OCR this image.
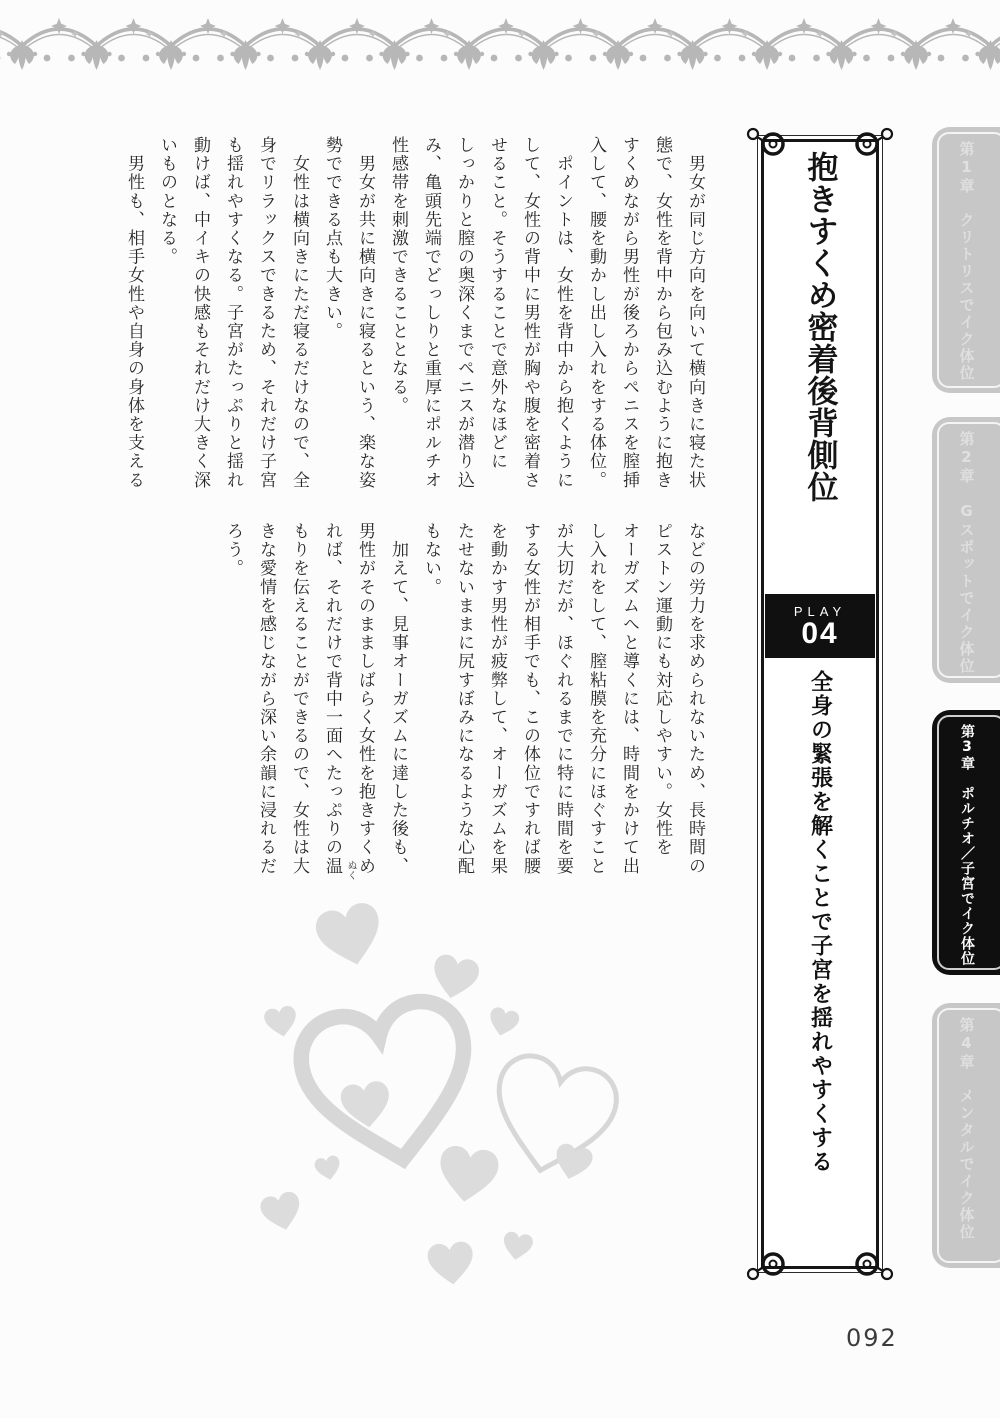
抱きすくめ密着後背側位
PLAY
04
全身の緊張を解くことで子宮を揺れやすくする
第1章　クリトリスでイク体位
第2章　Gスポットでイク体位
第3章　ポルチオ／子宮でイク体位
第4章　メンタルでイク体位
　男女が同じ方向を向いて横向きに寝た状
態で、女性を背中から包み込むように抱き
すくめながら男性が後ろからペニスを膣挿
入して、腰を動かし出し入れをする体位。
　ポイントは、女性を背中から抱くように
して、女性の背中に男性が胸や腹を密着さ
せること。そうすることで意外なほどに
しっかりと膣の奥深くまでペニスが潜り込
み、亀頭先端でどっしりと重厚にポルチオ
性感帯を刺激できることとなる。
　男女が共に横向きに寝るという、楽な姿
勢でできる点も大きい。
　女性は横向きにただ寝るだけなので、全
身でリラックスできるため、それだけ子宮
も揺れやすくなる。子宮がたっぷりと揺れ
動けば、中イキの快感もそれだけ大きく深
いものとなる。
　男性も、相手女性や自身の身体を支える
などの労力を求められないため、長時間の
ピストン運動にも対応しやすい。女性を
オーガズムへと導くには、時間をかけて出
し入れをして、膣粘膜を充分にほぐすこと
が大切だが、ほぐれるまでに特に時間を要
する女性が相手でも、この体位ですれば腰
を動かす男性が疲弊して、オーガズムを果
たせないままに尻すぼみになるような心配
もない。
　加えて、見事オーガズムに達した後も、
男性がそのまましばらく女性を抱きすくめ
れば、それだけで背中一面へたっぷりの温 ぬく
もりを伝えることができるので、女性は大
きな愛情を感じながら深い余韻に浸れるだ
ろう。
092
